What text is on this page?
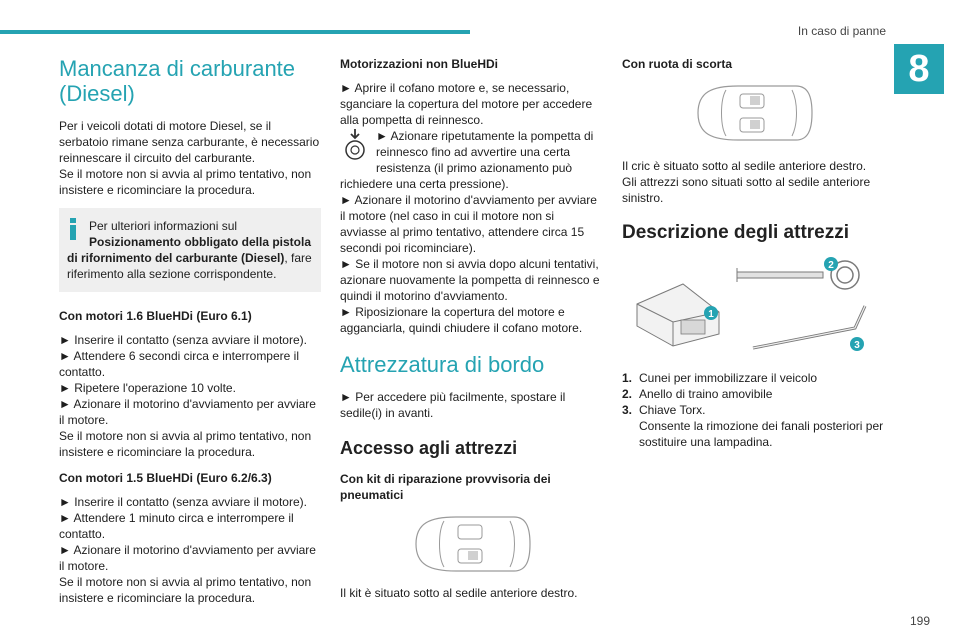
In caso di panne
8
Mancanza di carburante (Diesel)

Per i veicoli dotati di motore Diesel, se il serbatoio rimane senza carburante, è necessario reinnescare il circuito del carburante.

Se il motore non si avvia al primo tentativo, non insistere e ricominciare la procedura.

Per ulteriori informazioni sul

Posizionamento obbligato della pistola di rifornimento del carburante (Diesel), fare riferimento alla sezione corrispondente.

Con motori 1.6 BlueHDi (Euro 6.1)

► Inserire il contatto (senza avviare il motore).

► Attendere 6 secondi circa e interrompere il contatto.

► Ripetere l'operazione 10 volte.

► Azionare il motorino d'avviamento per avviare il motore.

Se il motore non si avvia al primo tentativo, non insistere e ricominciare la procedura.

Con motori 1.5 BlueHDi (Euro 6.2/6.3)

► Inserire il contatto (senza avviare il motore).

► Attendere 1 minuto circa e interrompere il contatto.

► Azionare il motorino d'avviamento per avviare il motore.

Se il motore non si avvia al primo tentativo, non insistere e ricominciare la procedura.

Motorizzazioni non BlueHDi

► Aprire il cofano motore e, se necessario, sganciare la copertura del motore per accedere alla pompetta di reinnesco.

► Azionare ripetutamente la pompetta di reinnesco fino ad avvertire una certa resistenza (il primo azionamento può richiedere una certa pressione).

► Azionare il motorino d'avviamento per avviare il motore (nel caso in cui il motore non si avviasse al primo tentativo, attendere circa 15 secondi poi ricominciare).

► Se il motore non si avvia dopo alcuni tentativi, azionare nuovamente la pompetta di reinnesco e quindi il motorino d'avviamento.

► Riposizionare la copertura del motore e agganciarla, quindi chiudere il cofano motore.

Attrezzatura di bordo

► Per accedere più facilmente, spostare il sedile(i) in avanti.

Accesso agli attrezzi
Con kit di riparazione provvisoria dei pneumatici

Il kit è situato sotto al sedile anteriore destro.

Con ruota di scorta

Il cric è situato sotto al sedile anteriore destro.

Gli attrezzi sono situati sotto al sedile anteriore sinistro.

Descrizione degli attrezzi
1
2
3
1. Cunei per immobilizzare il veicolo
2. Anello di traino amovibile
3. Chiave Torx.

Consente la rimozione dei fanali posteriori per sostituire una lampadina.

199
